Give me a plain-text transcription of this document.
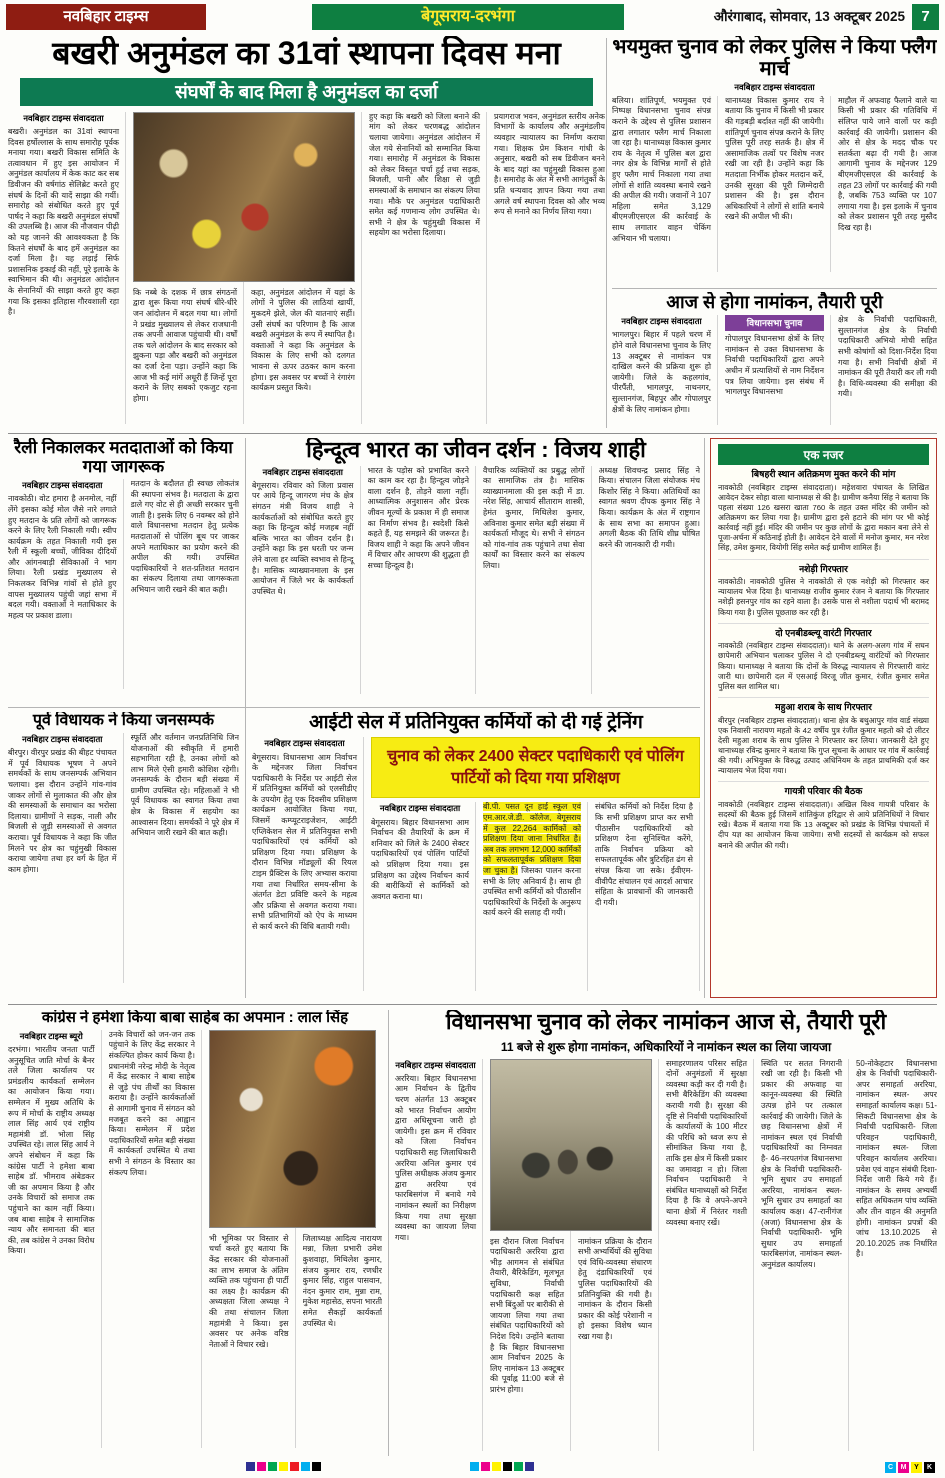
नवबिहार टाइम्स	बेगूसराय-दरभंगा	औरंगाबाद, सोमवार, 13 अक्टूबर 2025	7
बखरी अनुमंडल का 31वां स्थापना दिवस मना
संघर्षों के बाद मिला है अनुमंडल का दर्जा
नवबिहार टाइम्स संवाददाता
बखरी। अनुमंडल का 31वां स्थापना दिवस हर्षोल्लास के साथ समारोह पूर्वक मनाया गया। बखरी विकास समिति के तत्वावधान में हुए इस आयोजन में अनुमंडल कार्यालय में केक काट कर सब डिवीजन की वर्षगांठ सेलिब्रेट करते हुए संघर्ष के दिनों की यादें साझा की गयीं। समारोह को संबोधित करते हुए पूर्व पार्षद ने कहा कि बखरी अनुमंडल संघर्षों की उपलब्धि है। आज की नौजवान पीढ़ी को यह जानने की आवश्यकता है कि कितने संघर्षों के बाद हमें अनुमंडल का दर्जा मिला है। यह लड़ाई सिर्फ प्रशासनिक इकाई की नहीं, पूरे इलाके के स्वाभिमान की थी। अनुमंडल आंदोलन के सेनानियों की साझा करते हुए कहा गया कि इसका इतिहास गौरवशाली रहा है।
कि नब्बे के दशक में छात्र संगठनों द्वारा शुरू किया गया संघर्ष धीरे-धीरे जन आंदोलन में बदल गया था। लोगों ने प्रखंड मुख्यालय से लेकर राजधानी तक अपनी आवाज पहुंचायी थी। वर्षों तक चले आंदोलन के बाद सरकार को झुकना पड़ा और बखरी को अनुमंडल का दर्जा देना पड़ा। उन्होंने कहा कि आज भी कई मांगें अधूरी हैं जिन्हें पूरा कराने के लिए सबको एकजुट रहना होगा।
कहा, अनुमंडल आंदोलन में यहां के लोगों ने पुलिस की लाठियां खायीं, मुकदमे झेले, जेल की यातनाएं सहीं। उसी संघर्ष का परिणाम है कि आज बखरी अनुमंडल के रूप में स्थापित है। वक्ताओं ने कहा कि अनुमंडल के विकास के लिए सभी को दलगत भावना से ऊपर उठकर काम करना होगा। इस अवसर पर बच्चों ने रंगारंग कार्यक्रम प्रस्तुत किये।
हुए कहा कि बखरी को जिला बनाने की मांग को लेकर चरणबद्ध आंदोलन चलाया जायेगा। अनुमंडल आंदोलन में जेल गये सेनानियों को सम्मानित किया गया। समारोह में अनुमंडल के विकास को लेकर विस्तृत चर्चा हुई तथा सड़क, बिजली, पानी और शिक्षा से जुड़ी समस्याओं के समाधान का संकल्प लिया गया। मौके पर अनुमंडल पदाधिकारी समेत कई गणमान्य लोग उपस्थित थे। सभी ने क्षेत्र के चहुंमुखी विकास में सहयोग का भरोसा दिलाया।
प्रयागराज भवन, अनुमंडल स्तरीय अनेक विभागों के कार्यालय और अनुमंडलीय व्यवहार न्यायालय का निर्माण कराया गया। शिक्षक प्रेम किशन गांधी के अनुसार, बखरी को सब डिवीजन बनने के बाद यहां का चहुंमुखी विकास हुआ है। समारोह के अंत में सभी आगंतुकों के प्रति धन्यवाद ज्ञापन किया गया तथा अगले वर्ष स्थापना दिवस को और भव्य रूप से मनाने का निर्णय लिया गया।
भयमुक्त चुनाव को लेकर पुलिस ने किया फ्लैग मार्च
नवबिहार टाइम्स संवाददाता
बलिया। शांतिपूर्ण, भयमुक्त एवं निष्पक्ष विधानसभा चुनाव संपन्न कराने के उद्देश्य से पुलिस प्रशासन द्वारा लगातार फ्लैग मार्च निकाला जा रहा है। थानाध्यक्ष विकास कुमार राय के नेतृत्व में पुलिस बल द्वारा नगर क्षेत्र के विभिन्न मार्गों से होते हुए फ्लैग मार्च निकाला गया तथा लोगों से शांति व्यवस्था बनाये रखने की अपील की गयी। जवानों ने 107 महिला समेत 3,129 बीएमजीएसएल की कार्रवाई के साथ लगातार वाहन चेकिंग अभियान भी चलाया।
थानाध्यक्ष विकास कुमार राय ने बताया कि चुनाव में किसी भी प्रकार की गड़बड़ी बर्दाश्त नहीं की जायेगी। शांतिपूर्ण चुनाव संपन्न कराने के लिए पुलिस पूरी तरह सतर्क है। क्षेत्र में असामाजिक तत्वों पर विशेष नजर रखी जा रही है। उन्होंने कहा कि मतदाता निर्भीक होकर मतदान करें, उनकी सुरक्षा की पूरी जिम्मेदारी प्रशासन की है। इस दौरान अधिकारियों ने लोगों से शांति बनाये रखने की अपील भी की।
माहौल में अफवाह फैलाने वाले या किसी भी प्रकार की गतिविधि में संलिप्त पाये जाने वालों पर कड़ी कार्रवाई की जायेगी। प्रशासन की ओर से क्षेत्र के मदद चौक पर सतर्कता बढ़ा दी गयी है। आज आगामी चुनाव के मद्देनजर 129 बीएमजीएसएल की कार्रवाई के तहत 23 लोगों पर कार्रवाई की गयी है, जबकि 753 व्यक्ति पर 107 लगाया गया है। इस इलाके में चुनाव को लेकर प्रशासन पूरी तरह मुस्तैद दिख रहा है।
आज से होगा नामांकन, तैयारी पूरी
नवबिहार टाइम्स संवाददाता
भागलपुर। बिहार में पहले चरण में होने वाले विधानसभा चुनाव के लिए 13 अक्टूबर से नामांकन पत्र दाखिल करने की प्रक्रिया शुरू हो जायेगी। जिले के कहलगांव, पीरपैंती, भागलपुर, नाथनगर, सुल्तानगंज, बिहपुर और गोपालपुर क्षेत्रों के लिए नामांकन होगा।
विधानसभा चुनाव
गोपालपुर विधानसभा क्षेत्रों के लिए नामांकन से उक्त विधानसभा के निर्वाची पदाधिकारियों द्वारा अपने अधीन में प्रत्याशियों से नाम निर्देशन पत्र लिया जायेगा। इस संबंध में भागलपुर विधानसभा
क्षेत्र के निर्वाची पदाधिकारी, सुल्तानगंज क्षेत्र के निर्वाची पदाधिकारी अभियो मोची सहित सभी कोषांगों को दिशा-निर्देश दिया गया है। सभी निर्वाची क्षेत्रों में नामांकन की पूरी तैयारी कर ली गयी है। विधि-व्यवस्था की समीक्षा की गयी।
रैली निकालकर मतदाताओं को किया गया जागरूक
नवबिहार टाइम्स संवाददाता
नावकोठी। वोट हमारा है अनमोल, नहीं लेंगे इसका कोई मोल जैसे नारे लगाते हुए मतदान के प्रति लोगों को जागरूक करने के लिए रैली निकाली गयी। स्वीप कार्यक्रम के तहत निकाली गयी इस रैली में स्कूली बच्चों, जीविका दीदियों और आंगनबाड़ी सेविकाओं ने भाग लिया। रैली प्रखंड मुख्यालय से निकलकर विभिन्न गांवों से होते हुए वापस मुख्यालय पहुंची जहां सभा में बदल गयी। वक्ताओं ने मताधिकार के महत्व पर प्रकाश डाला।
मतदान के बदौलत ही स्वच्छ लोकतंत्र की स्थापना संभव है। मतदाता के द्वारा डाले गए वोट से ही अच्छी सरकार चुनी जाती है। इसके लिए 6 नवम्बर को होने वाले विधानसभा मतदान हेतु प्रत्येक मतदाताओं से पोलिंग बूथ पर जाकर अपने मताधिकार का प्रयोग करने की अपील की गयी। उपस्थित पदाधिकारियों ने शत-प्रतिशत मतदान का संकल्प दिलाया तथा जागरूकता अभियान जारी रखने की बात कही।
हिन्दूत्व भारत का जीवन दर्शन : विजय शाही
नवबिहार टाइम्स संवाददाता
बेगूसराय। रविवार को जिला प्रवास पर आये हिन्दू जागरण मंच के क्षेत्र संगठन मंत्री विजय शाही ने कार्यकर्ताओं को संबोधित करते हुए कहा कि हिन्दूत्व कोई मजहब नहीं बल्कि भारत का जीवन दर्शन है। उन्होंने कहा कि इस धरती पर जन्म लेने वाला हर व्यक्ति स्वभाव से हिन्दू है। मासिक व्याख्यानमाला के इस आयोजन में जिले भर के कार्यकर्ता उपस्थित थे।
भारत के पड़ोस को प्रभावित करने का काम कर रहा है। हिन्दूत्व जोड़ने वाला दर्शन है, तोड़ने वाला नहीं। आध्यात्मिक अनुशासन और प्रेरक जीवन मूल्यों के प्रकाश में ही समाज का निर्माण संभव है। स्वदेशी किसे कहते हैं, यह समझने की जरूरत है। विजय शाही ने कहा कि अपने जीवन में विचार और आचरण की शुद्धता ही सच्चा हिन्दूत्व है।
वैचारिक व्यक्तियों का प्रबुद्ध लोगों का सामाजिक तंत्र है। मासिक व्याख्यानमाला की इस कड़ी में डा. नरेश सिंह, आचार्य सीताराम शास्त्री, हेमंत कुमार, मिथिलेश कुमार, अविनाश कुमार समेत बड़ी संख्या में कार्यकर्ता मौजूद थे। सभी ने संगठन को गांव-गांव तक पहुंचाने तथा सेवा कार्यों का विस्तार करने का संकल्प लिया।
अध्यक्ष शिवचन्द्र प्रसाद सिंह ने किया। संचालन जिला संयोजक मंच किशोर सिंह ने किया। अतिथियों का स्वागत श्रवण दीपक कुमार सिंह ने किया। कार्यक्रम के अंत में राष्ट्रगान के साथ सभा का समापन हुआ। अगली बैठक की तिथि शीघ्र घोषित करने की जानकारी दी गयी।
एक नजर
बिषहरी स्थान अतिक्रमण मुक्त करने की मांग
नावकोठी (नवबिहार टाइम्स संवाददाता)। महेशवारा पंचायत के लिखित आवेदन देकर सोहा वाला थानाध्यक्ष से की है। ग्रामीण कनैया सिंह ने बताया कि पहला संख्या 126 खसरा खाता 760 के तहत उक्त मंदिर की जमीन को अतिक्रमण कर लिया गया है। ग्रामीण द्वारा इसे हटाने की मांग पर भी कोई कार्रवाई नहीं हुई। मंदिर की जमीन पर कुछ लोगों के द्वारा मकान बना लेने से पूजा-अर्चना में कठिनाई होती है। आवेदन देने वालों में मनोज कुमार, मन नरेश सिंह, उमेश कुमार, वियोगी सिंह समेत कई ग्रामीण शामिल हैं।
नशेड़ी गिरफ्तार
नावकोठी। नावकोठी पुलिस ने नावकोठी से एक नशेड़ी को गिरफ्तार कर न्यायालय भेज दिया है। थानाध्यक्ष राजीव कुमार रंजन ने बताया कि गिरफ्तार नशेड़ी हसनपुर गांव का रहने वाला है। उसके पास से नशीला पदार्थ भी बरामद किया गया है। पुलिस पूछताछ कर रही है।
दो एनबीडब्ल्यू वारंटी गिरफ्तार
नावकोठी (नवबिहार टाइम्स संवाददाता)। थाने के अलग-अलग गांव में सघन छापेमारी अभियान चलाकर पुलिस ने दो एनबीडब्ल्यू वारंटियों को गिरफ्तार किया। थानाध्यक्ष ने बताया कि दोनों के विरुद्ध न्यायालय से गिरफ्तारी वारंट जारी था। छापेमारी दल में एसआई विरजू जीत कुमार, रंजीत कुमार समेत पुलिस बल शामिल था।
महुआ शराब के साथ गिरफ्तार
बीरपुर (नवबिहार टाइम्स संवाददाता)। थाना क्षेत्र के बथुआपुर गांव वार्ड संख्या एक निवासी नारायण महतो के 42 वर्षीय पुत्र रंजीत कुमार महतो को दो लीटर देसी महुआ शराब के साथ पुलिस ने गिरफ्तार कर लिया। जानकारी देते हुए थानाध्यक्ष रविन्द्र कुमार ने बताया कि गुप्त सूचना के आधार पर गांव में कार्रवाई की गयी। अभियुक्त के विरुद्ध उत्पाद अधिनियम के तहत प्राथमिकी दर्ज कर न्यायालय भेज दिया गया।
गायत्री परिवार की बैठक
नावकोठी (नवबिहार टाइम्स संवाददाता)। अखिल विश्व गायत्री परिवार के सदस्यों की बैठक हुई जिसमें शांतिकुंज हरिद्वार से आये प्रतिनिधियों ने विचार रखे। बैठक में बताया गया कि 13 अक्टूबर को प्रखंड के विभिन्न पंचायतों में दीप यज्ञ का आयोजन किया जायेगा। सभी सदस्यों से कार्यक्रम को सफल बनाने की अपील की गयी।
पूर्व विधायक ने किया जनसम्पर्क
नवबिहार टाइम्स संवाददाता
बीरपुर। वीरपुर प्रखंड की बीहट पंचायत में पूर्व विधायक भूषण ने अपने समर्थकों के साथ जनसम्पर्क अभियान चलाया। इस दौरान उन्होंने गांव-गांव जाकर लोगों से मुलाकात की और क्षेत्र की समस्याओं के समाधान का भरोसा दिलाया। ग्रामीणों ने सड़क, नाली और बिजली से जुड़ी समस्याओं से अवगत कराया। पूर्व विधायक ने कहा कि जीत मिलने पर क्षेत्र का चहुंमुखी विकास कराया जायेगा तथा हर वर्ग के हित में काम होगा।
स्फूर्ति और वर्तमान जनप्रतिनिधि जिन योजनाओं की स्वीकृति में हमारी सहभागिता रही है, उनका लोगों को लाभ मिले ऐसी हमारी कोशिश रहेगी। जनसम्पर्क के दौरान बड़ी संख्या में ग्रामीण उपस्थित रहे। महिलाओं ने भी पूर्व विधायक का स्वागत किया तथा क्षेत्र के विकास में सहयोग का आश्वासन दिया। समर्थकों ने पूरे क्षेत्र में अभियान जारी रखने की बात कही।
आईटी सेल में प्रतिनियुक्त कर्मियों को दी गई ट्रेनिंग
नवबिहार टाइम्स संवाददाता
बेगूसराय। विधानसभा आम निर्वाचन के मद्देनजर जिला निर्वाचन पदाधिकारी के निर्देश पर आईटी सेल में प्रतिनियुक्त कर्मियों को एलसीडीए के उपयोग हेतु एक दिवसीय प्रशिक्षण कार्यक्रम आयोजित किया गया, जिसमें कम्प्यूटराइजेशन, आईटी एप्लिकेशन सेल में प्रतिनियुक्त सभी पदाधिकारियों एवं कर्मियों को प्रशिक्षण दिया गया। प्रशिक्षण के दौरान विभिन्न मॉड्यूलों की रियल टाइम प्रैक्टिस के लिए अभ्यास कराया गया तथा निर्धारित समय-सीमा के अंतर्गत डेटा प्रविष्टि करने के महत्व और प्रक्रिया से अवगत कराया गया। सभी प्रतिभागियों को ऐप के माध्यम से कार्य करने की विधि बतायी गयी।
चुनाव को लेकर 2400 सेक्टर पदाधिकारी एवं पोलिंग पार्टियों को दिया गया प्रशिक्षण
नवबिहार टाइम्स संवाददाता
बेगूसराय। बिहार विधानसभा आम निर्वाचन की तैयारियों के क्रम में शनिवार को जिले के 2400 सेक्टर पदाधिकारियों एवं पोलिंग पार्टियों को प्रशिक्षण दिया गया। इस प्रशिक्षण का उद्देश्य निर्वाचन कार्य की बारीकियों से कार्मिकों को अवगत कराना था।
बी.पी. पसत दून हाई स्कूल एवं एम.आर.जे.डी. कॉलेज, बेगूसराय में कुल 22,264 कार्मिकों को प्रशिक्षण दिया जाना निर्धारित है। अब तक लगभग 12,000 कार्मिकों को सफलतापूर्वक प्रशिक्षण दिया जा चुका है। जिसका पालन करना सभी के लिए अनिवार्य है। साथ ही उपस्थित सभी कर्मियों को पीठासीन पदाधिकारियों के निर्देशों के अनुरूप कार्य करने की सलाह दी गयी।
संबंधित कर्मियों को निर्देश दिया है कि सभी प्रशिक्षण प्राप्त कर सभी पीठासीन पदाधिकारियों को प्रशिक्षण देना सुनिश्चित करेंगे, ताकि निर्वाचन प्रक्रिया को सफलतापूर्वक और त्रुटिरहित ढंग से संपन्न किया जा सके। ईवीएम-वीवीपैट संचालन एवं आदर्श आचार संहिता के प्रावधानों की जानकारी दी गयी।
कांग्रेस ने हमेशा किया बाबा साहेब का अपमान : लाल सिंह
नवबिहार टाइम्स ब्यूरो
दरभंगा। भारतीय जनता पार्टी अनुसूचित जाति मोर्चा के बैनर तले जिला कार्यालय पर प्रमंडलीय कार्यकर्ता सम्मेलन का आयोजन किया गया। सम्मेलन में मुख्य अतिथि के रूप में मोर्चा के राष्ट्रीय अध्यक्ष लाल सिंह आर्य एवं राष्ट्रीय महामंत्री डॉ. भोला सिंह उपस्थित रहे। लाल सिंह आर्य ने अपने संबोधन में कहा कि कांग्रेस पार्टी ने हमेशा बाबा साहेब डॉ. भीमराव अंबेडकर जी का अपमान किया है और उनके विचारों को समाज तक पहुंचाने का काम नहीं किया। जब बाबा साहेब ने सामाजिक न्याय और समानता की बात की, तब कांग्रेस ने उनका विरोध किया।
उनके विचारों को जन-जन तक पहुंचाने के लिए केंद्र सरकार ने संकल्पित होकर कार्य किया है। प्रधानमंत्री नरेन्द्र मोदी के नेतृत्व में केंद्र सरकार ने बाबा साहेब से जुड़े पंच तीर्थों का विकास कराया है। उन्होंने कार्यकर्ताओं से आगामी चुनाव में संगठन को मजबूत करने का आह्वान किया। सम्मेलन में प्रदेश पदाधिकारियों समेत बड़ी संख्या में कार्यकर्ता उपस्थित थे तथा सभी ने संगठन के विस्तार का संकल्प लिया।
भी भूमिका पर विस्तार से चर्चा करते हुए बताया कि केंद्र सरकार की योजनाओं का लाभ समाज के अंतिम व्यक्ति तक पहुंचाना ही पार्टी का लक्ष्य है। कार्यक्रम की अध्यक्षता जिला अध्यक्ष ने की तथा संचालन जिला महामंत्री ने किया। इस अवसर पर अनेक वरिष्ठ नेताओं ने विचार रखे।
जिलाध्यक्ष आदित्य नारायण मन्ना, जिला प्रभारी उमेश कुशवाहा, मिथिलेश कुमार, संजय कुमार राय, रणधीर कुमार सिंह, राहुल पासवान, नंदन कुमार राम, मुन्ना राम, मुकेश महासेठ, सपना भारती समेत सैकड़ों कार्यकर्ता उपस्थित थे।
विधानसभा चुनाव को लेकर नामांकन आज से, तैयारी पूरी
11 बजे से शुरू होगा नामांकन, अधिकारियों ने नामांकन स्थल का लिया जायजा
नवबिहार टाइम्स संवाददाता
अररिया। बिहार विधानसभा आम निर्वाचन के द्वितीय चरण अंतर्गत 13 अक्टूबर को भारत निर्वाचन आयोग द्वारा अधिसूचना जारी हो जायेगी। इस क्रम में रविवार को जिला निर्वाचन पदाधिकारी सह जिलाधिकारी अररिया अनिल कुमार एवं पुलिस अधीक्षक अंजय कुमार द्वारा अररिया एवं फारबिसगंज में बनाये गये नामांकन स्थलों का निरीक्षण किया गया तथा सुरक्षा व्यवस्था का जायजा लिया गया।	इस दौरान जिला निर्वाचन पदाधिकारी अररिया द्वारा भीड़ आगमन से संबंधित तैयारी, बैरिकेडिंग, मूलभूत सुविधा, निर्वाची पदाधिकारी कक्ष सहित सभी बिंदुओं पर बारीकी से जायजा लिया गया तथा संबंधित पदाधिकारियों को निदेश दिये। उन्होंने बताया है कि बिहार विधानसभा आम निर्वाचन 2025 के लिए नामांकन 13 अक्टूबर की पूर्वाह्न 11:00 बजे से प्रारंभ होगा।
नामांकन प्रक्रिया के दौरान सभी अभ्यर्थियों की सुविधा एवं विधि-व्यवस्था संधारण हेतु दंडाधिकारियों एवं पुलिस पदाधिकारियों की प्रतिनियुक्ति की गयी है। नामांकन के दौरान किसी प्रकार की कोई परेशानी न हो इसका विशेष ध्यान रखा गया है।
समाहरणालय परिसर सहित दोनों अनुमंडलों में सुरक्षा व्यवस्था कड़ी कर दी गयी है। सभी बैरिकेडिंग की व्यवस्था करायी गयी है। सुरक्षा की दृष्टि से निर्वाची पदाधिकारियों के कार्यालयों के 100 मीटर की परिधि को ध्वज रूप से सीमांकित किया गया है, ताकि इस क्षेत्र में किसी प्रकार का जमावड़ा न हो। जिला निर्वाचन पदाधिकारी ने संबंधित थानाध्यक्षों को निर्देश दिया है कि वे अपने-अपने थाना क्षेत्रों में निरंतर गश्ती व्यवस्था बनाए रखें।
स्थिति पर सतत निगरानी रखी जा रही है। किसी भी प्रकार की अफवाह या कानून-व्यवस्था की स्थिति उत्पन्न होने पर तत्काल कार्रवाई की जायेगी। जिले के छह विधानसभा क्षेत्रों में नामांकन स्थल एवं निर्वाची पदाधिकारियों का निम्नवत है- 46-नरपतगंज विधानसभा क्षेत्र के निर्वाची पदाधिकारी- भूमि सुधार उप समाहर्ता अररिया, नामांकन स्थल- भूमि सुधार उप समाहर्ता का कार्यालय कक्ष। 47-रानीगंज (अजा) विधानसभा क्षेत्र के निर्वाची पदाधिकारी- भूमि सुधार उप समाहर्ता फारबिसगंज, नामांकन स्थल- अनुमंडल कार्यालय।
50-नोकेहटार विधानसभा क्षेत्र के निर्वाची पदाधिकारी- अपर समाहर्ता अररिया, नामांकन स्थल- अपर समाहर्ता कार्यालय कक्ष। 51-सिकटी विधानसभा क्षेत्र के निर्वाची पदाधिकारी- जिला परिवहन पदाधिकारी, नामांकन स्थल- जिला परिवहन कार्यालय अररिया। प्रवेश एवं वाहन संबंधी दिशा-निर्देश जारी किये गये हैं। नामांकन के समय अभ्यर्थी सहित अधिकतम पांच व्यक्ति और तीन वाहन की अनुमति होगी। नामांकन प्रपत्रों की जांच 13.10.2025 से 20.10.2025 तक निर्धारित है।
C	M	Y	K
